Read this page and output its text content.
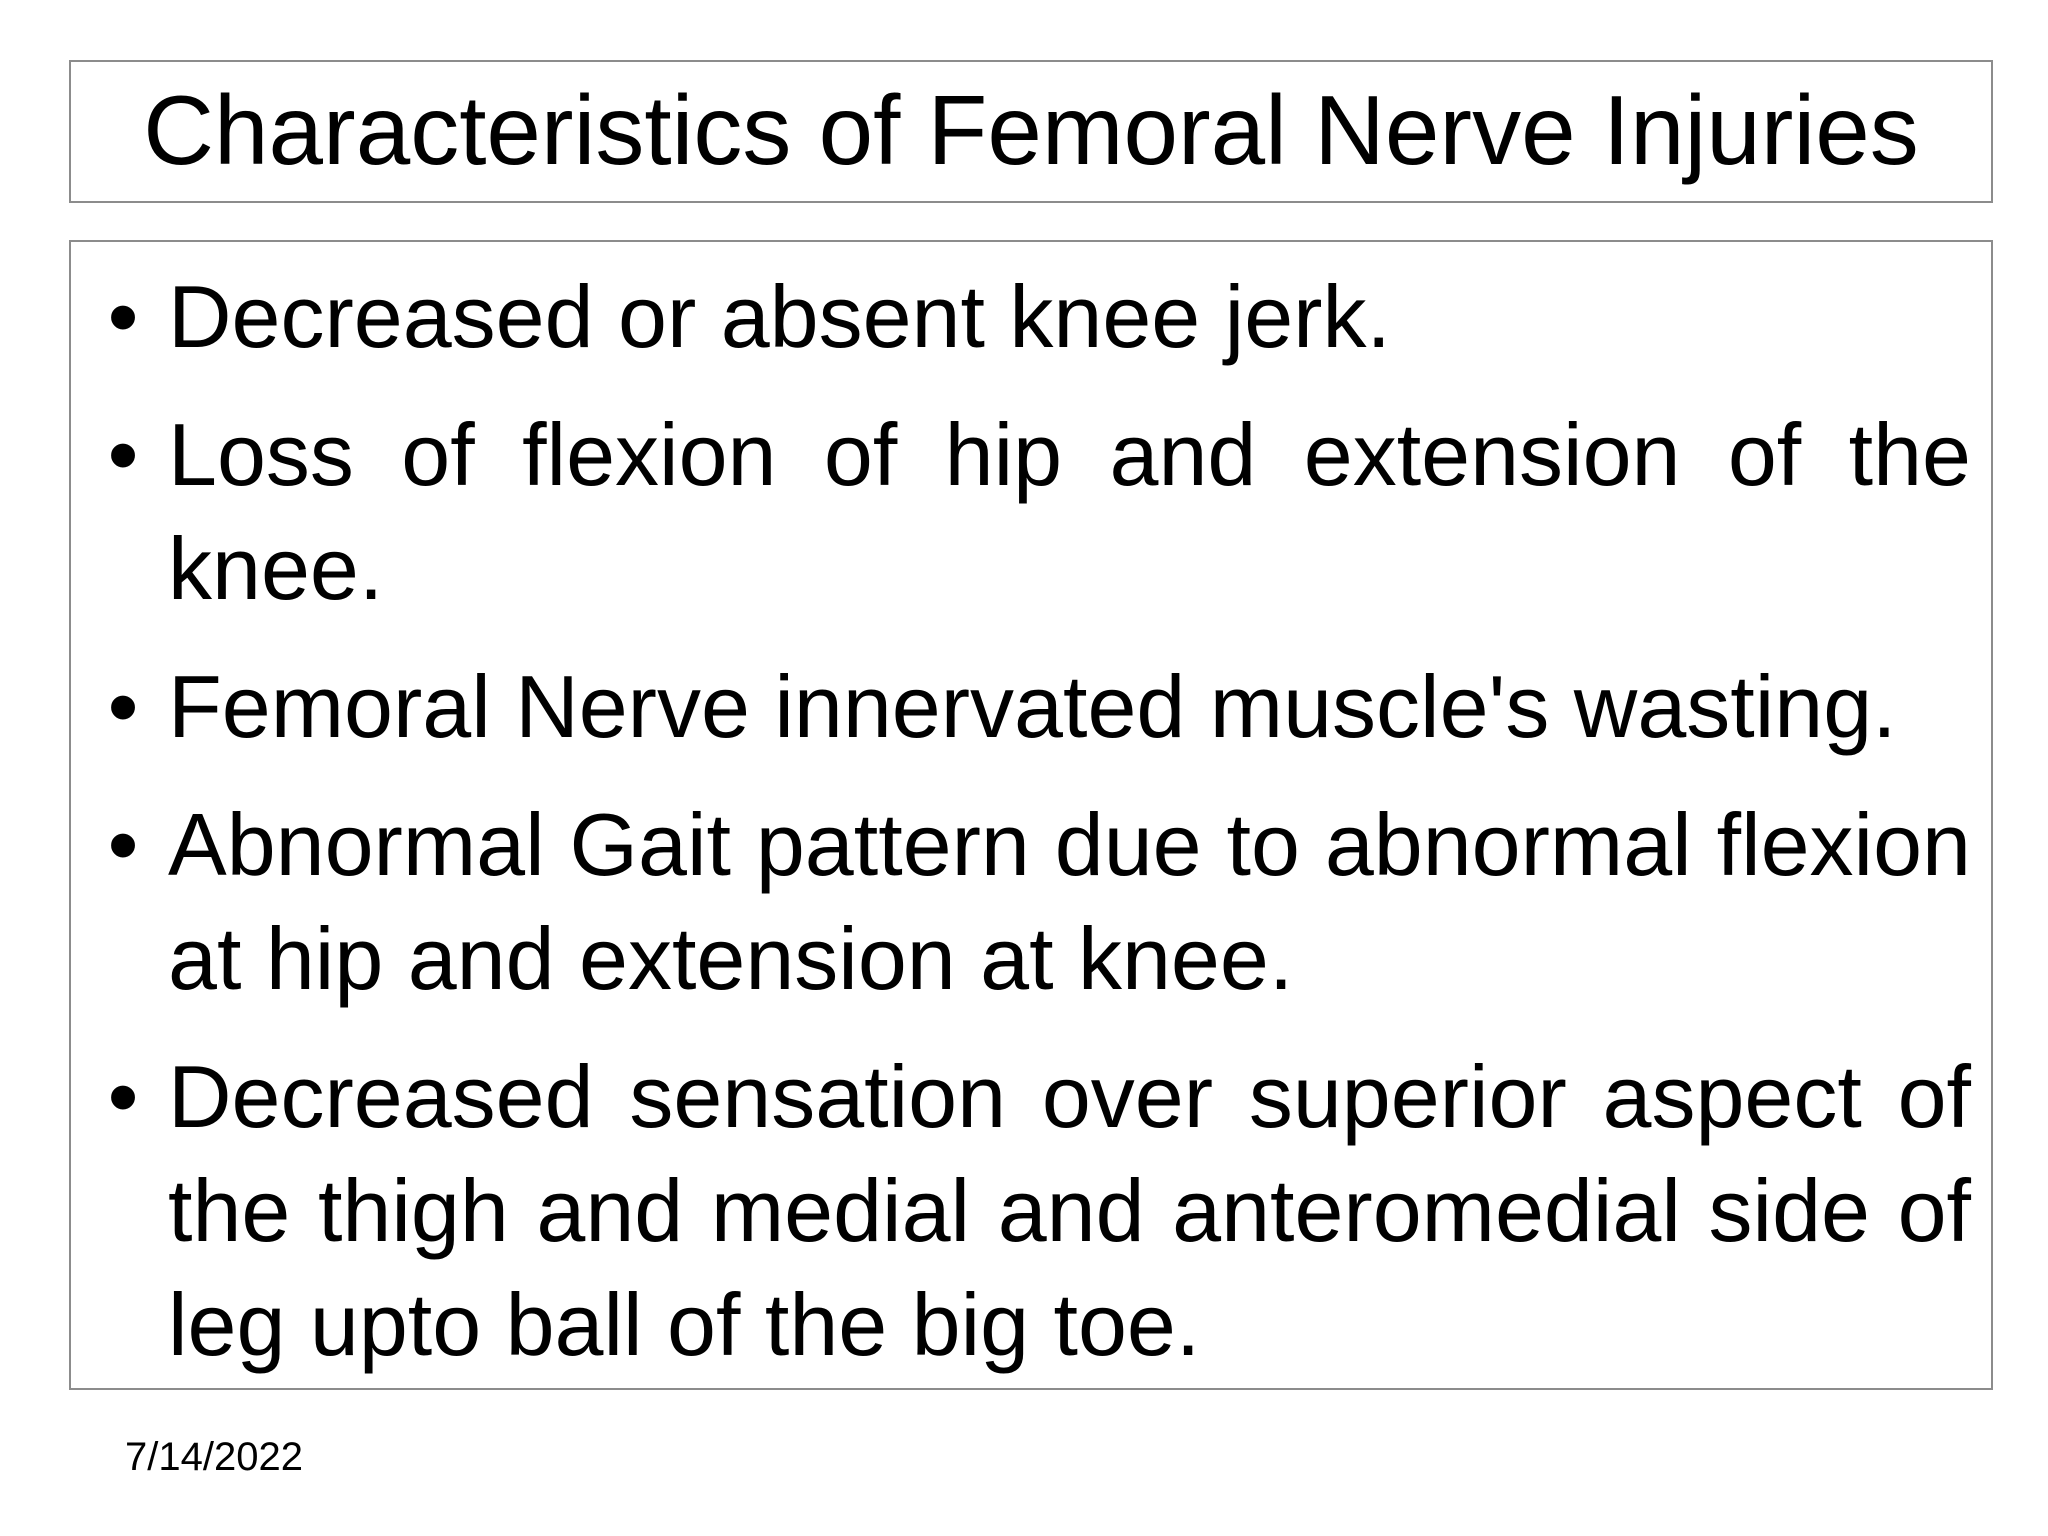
Characteristics of Femoral Nerve Injuries
• Decreased or absent knee jerk.
• Loss of flexion of hip and extension of the knee.
• Femoral Nerve innervated muscle's wasting.
• Abnormal Gait pattern due to abnormal flexion at hip and extension at knee.
• Decreased sensation over superior aspect of the thigh and medial and anteromedial side of leg upto ball of the big toe.
7/14/2022
